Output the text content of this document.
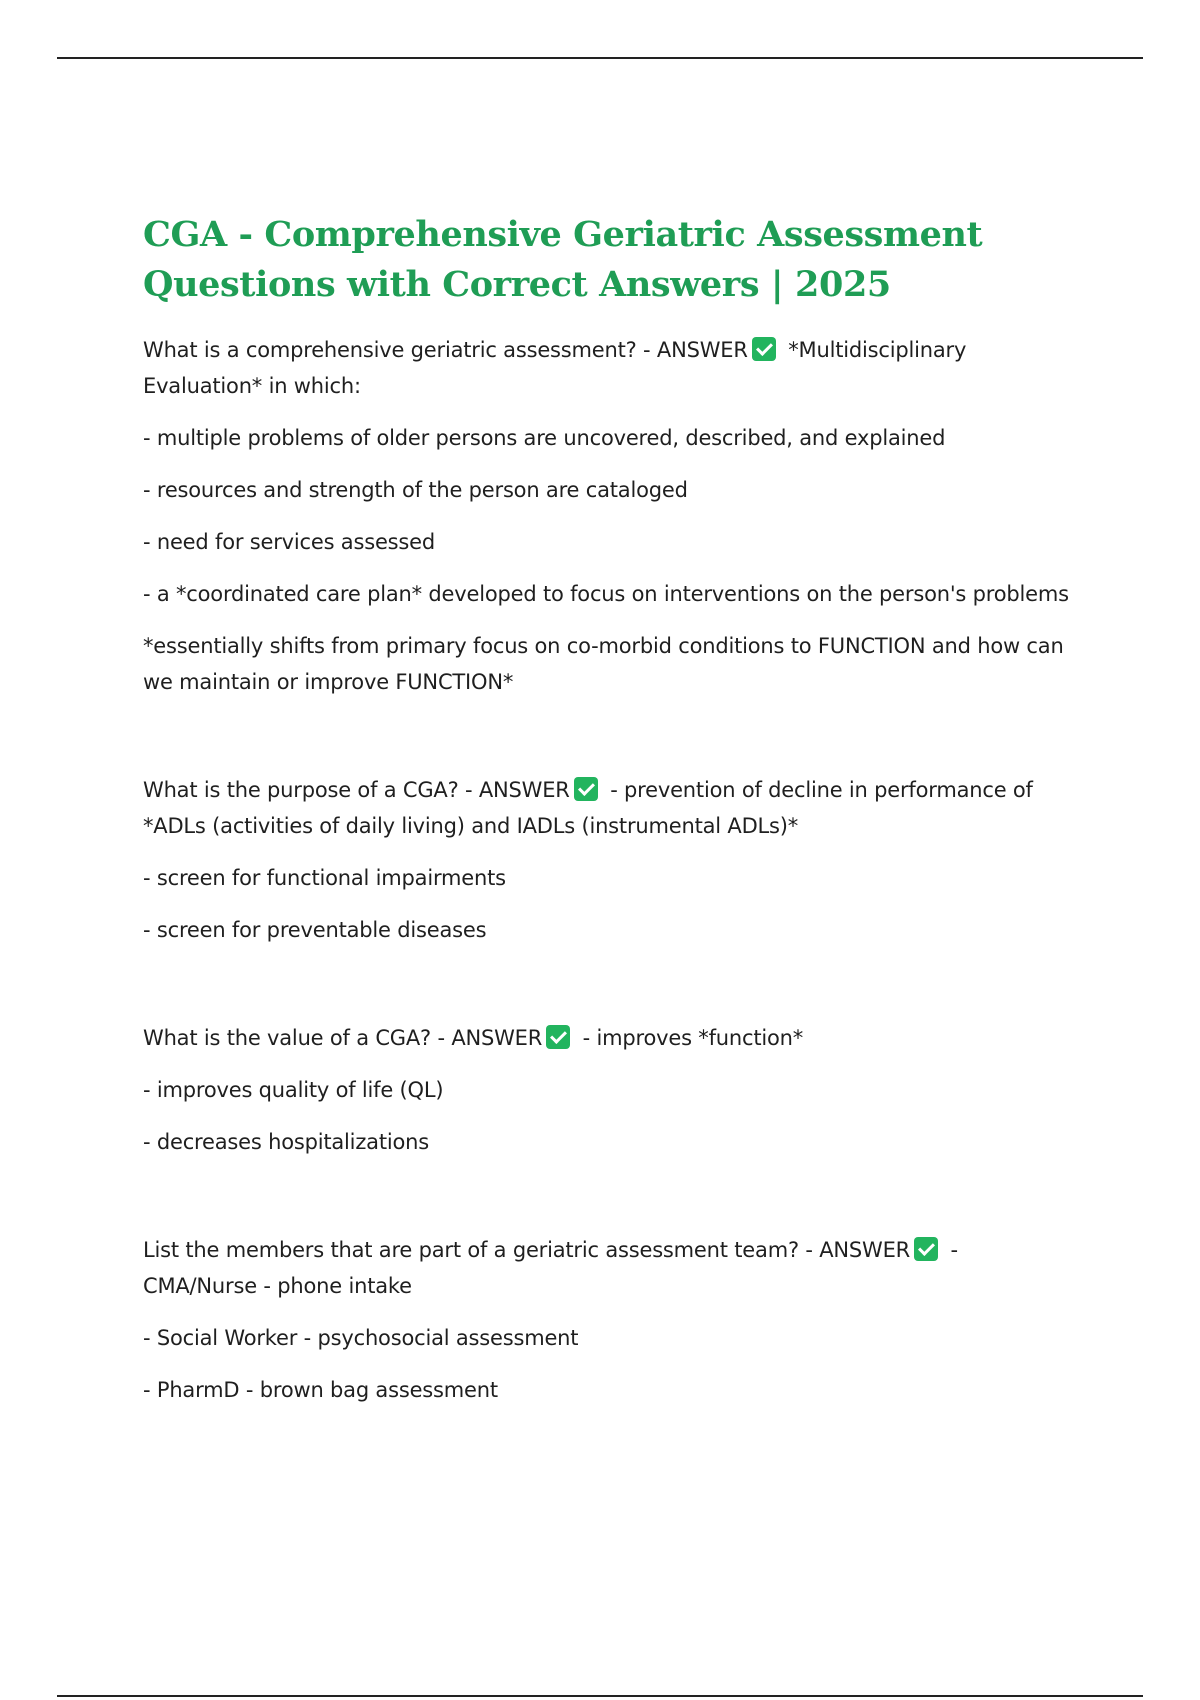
CGA - Comprehensive Geriatric Assessment Questions with Correct Answers | 2025

What is a comprehensive geriatric assessment? - ANSWER *Multidisciplinary Evaluation* in which:

- multiple problems of older persons are uncovered, described, and explained

- resources and strength of the person are cataloged

- need for services assessed

- a *coordinated care plan* developed to focus on interventions on the person's problems

*essentially shifts from primary focus on co-morbid conditions to FUNCTION and how can we maintain or improve FUNCTION*

What is the purpose of a CGA? - ANSWER - prevention of decline in performance of *ADLs (activities of daily living) and IADLs (instrumental ADLs)*

- screen for functional impairments

- screen for preventable diseases

What is the value of a CGA? - ANSWER - improves *function*

- improves quality of life (QL)

- decreases hospitalizations

List the members that are part of a geriatric assessment team? - ANSWER - CMA/Nurse - phone intake

- Social Worker - psychosocial assessment

- PharmD - brown bag assessment
